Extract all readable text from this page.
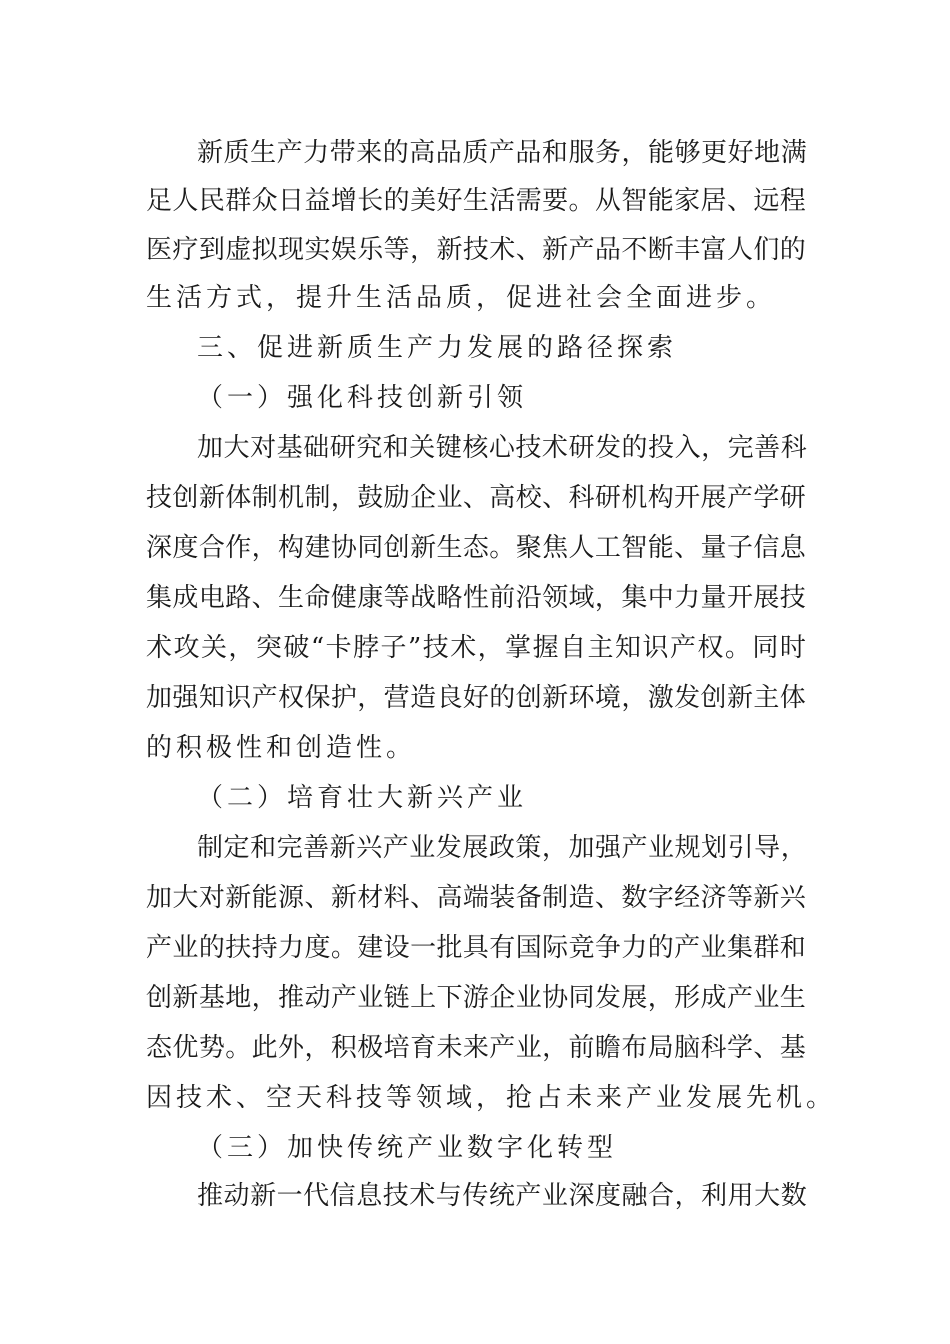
新 质 生 产 力 带 来 的 高 品 质 产 品 和 服 务 ， 能 够 更 好 地 满
足 人 民 群 众 日 益 增 长 的 美 好 生 活 需 要 。 从 智 能 家 居 、 远 程
医 疗 到 虚 拟 现 实 娱 乐 等 ， 新 技 术 、 新 产 品 不 断 丰 富 人 们 的
生活方式，提升生活品质，促进社会全面进步。
三、促进新质生产力发展的路径探索
（一）强化科技创新引领
加 大 对 基 础 研 究 和 关 键 核 心 技 术 研 发 的 投 入 ， 完 善 科
技 创 新 体 制 机 制 ， 鼓 励 企 业 、 高 校 、 科 研 机 构 开 展 产 学 研
深 度 合 作 ， 构 建 协 同 创 新 生 态 。 聚 焦 人 工 智 能 、 量 子 信 息
集 成 电 路 、 生 命 健 康 等 战 略 性 前 沿 领 域 ， 集 中 力 量 开 展 技
术 攻 关 ， 突 破 “ 卡 脖 子 ” 技 术 ， 掌 握 自 主 知 识 产 权 。 同 时
加 强 知 识 产 权 保 护 ， 营 造 良 好 的 创 新 环 境 ， 激 发 创 新 主 体
的积极性和创造性。
（二）培育壮大新兴产业
制 定 和 完 善 新 兴 产 业 发 展 政 策 ， 加 强 产 业 规 划 引 导 ，
加 大 对 新 能 源 、 新 材 料 、 高 端 装 备 制 造 、 数 字 经 济 等 新 兴
产 业 的 扶 持 力 度 。 建 设 一 批 具 有 国 际 竞 争 力 的 产 业 集 群 和
创 新 基 地 ， 推 动 产 业 链 上 下 游 企 业 协 同 发 展 ， 形 成 产 业 生
态 优 势 。 此 外 ， 积 极 培 育 未 来 产 业 ， 前 瞻 布 局 脑 科 学 、 基
因技术、空天科技等领域，抢占未来产业发展先机。
（三）加快传统产业数字化转型
推 动 新 一 代 信 息 技 术 与 传 统 产 业 深 度 融 合 ， 利 用 大 数
